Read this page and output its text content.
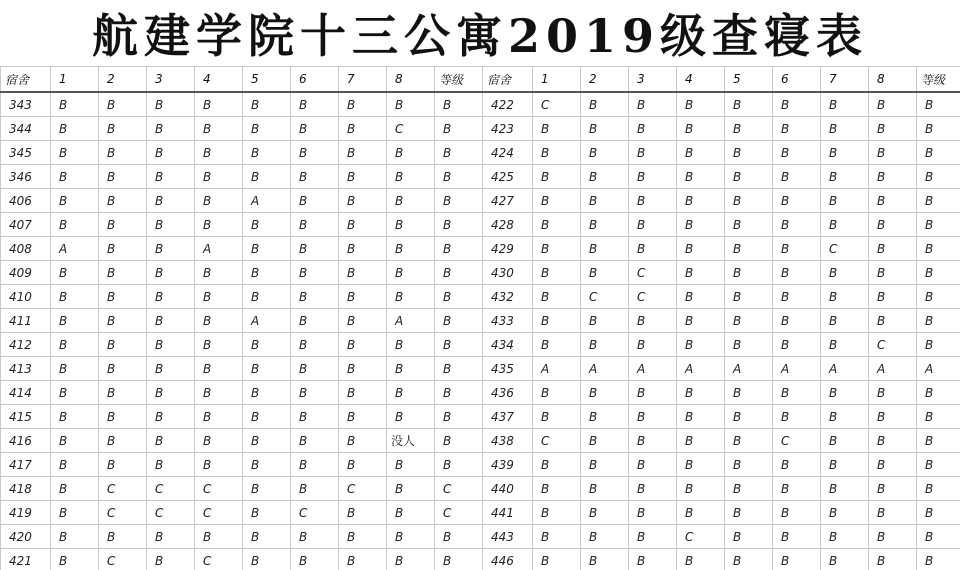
航建学院十三公寓2019级查寝表
宿舍	1	2	3	4	5	6	7	8	等级	宿舍	1	2	3	4	5	6	7	8	等级
343	B	B	B	B	B	B	B	B	B	422	C	B	B	B	B	B	B	B	B
344	B	B	B	B	B	B	B	C	B	423	B	B	B	B	B	B	B	B	B
345	B	B	B	B	B	B	B	B	B	424	B	B	B	B	B	B	B	B	B
346	B	B	B	B	B	B	B	B	B	425	B	B	B	B	B	B	B	B	B
406	B	B	B	B	A	B	B	B	B	427	B	B	B	B	B	B	B	B	B
407	B	B	B	B	B	B	B	B	B	428	B	B	B	B	B	B	B	B	B
408	A	B	B	A	B	B	B	B	B	429	B	B	B	B	B	B	C	B	B
409	B	B	B	B	B	B	B	B	B	430	B	B	C	B	B	B	B	B	B
410	B	B	B	B	B	B	B	B	B	432	B	C	C	B	B	B	B	B	B
411	B	B	B	B	A	B	B	A	B	433	B	B	B	B	B	B	B	B	B
412	B	B	B	B	B	B	B	B	B	434	B	B	B	B	B	B	B	C	B
413	B	B	B	B	B	B	B	B	B	435	A	A	A	A	A	A	A	A	A
414	B	B	B	B	B	B	B	B	B	436	B	B	B	B	B	B	B	B	B
415	B	B	B	B	B	B	B	B	B	437	B	B	B	B	B	B	B	B	B
416	B	B	B	B	B	B	B	没人	B	438	C	B	B	B	B	C	B	B	B
417	B	B	B	B	B	B	B	B	B	439	B	B	B	B	B	B	B	B	B
418	B	C	C	C	B	B	C	B	C	440	B	B	B	B	B	B	B	B	B
419	B	C	C	C	B	C	B	B	C	441	B	B	B	B	B	B	B	B	B
420	B	B	B	B	B	B	B	B	B	443	B	B	B	C	B	B	B	B	B
421	B	C	B	C	B	B	B	B	B	446	B	B	B	B	B	B	B	B	B
